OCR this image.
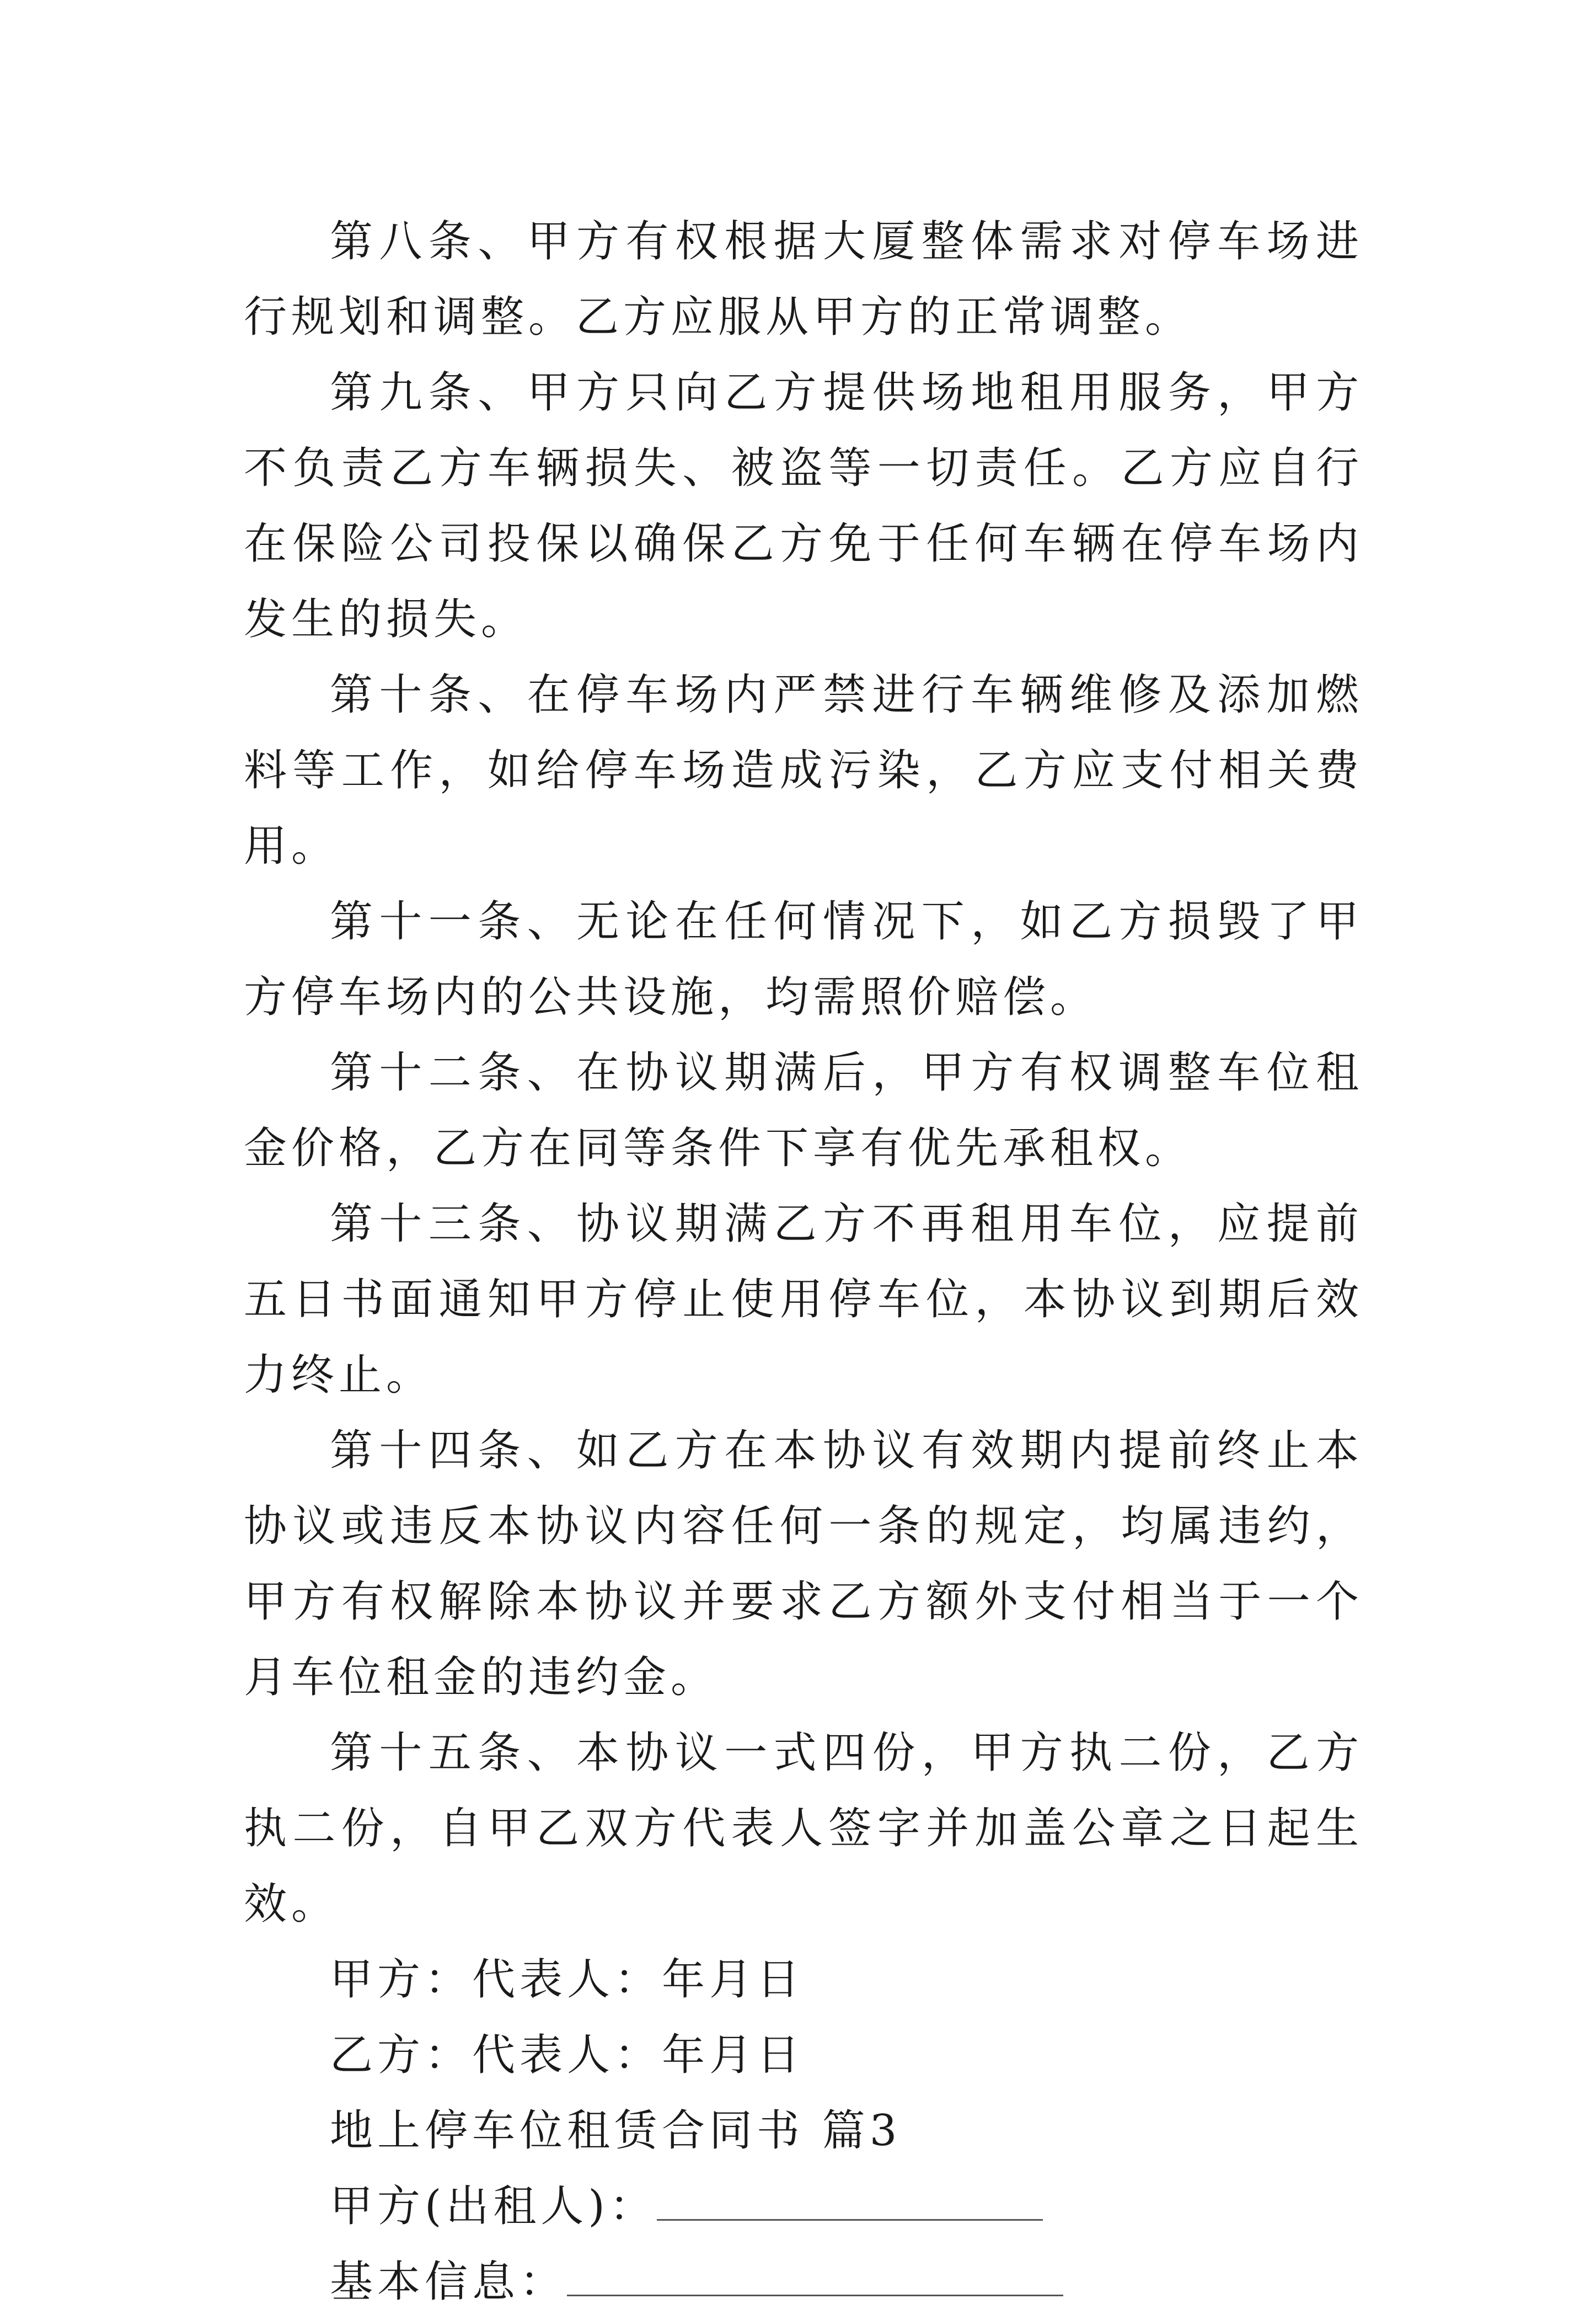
第八条、甲方有权根据大厦整体需求对停车场进行规划和调整。乙方应服从甲方的正常调整。

第九条、甲方只向乙方提供场地租用服务，甲方不负责乙方车辆损失、被盗等一切责任。乙方应自行在保险公司投保以确保乙方免于任何车辆在停车场内发生的损失。

第十条、在停车场内严禁进行车辆维修及添加燃料等工作，如给停车场造成污染，乙方应支付相关费用。

第十一条、无论在任何情况下，如乙方损毁了甲方停车场内的公共设施，均需照价赔偿。

第十二条、在协议期满后，甲方有权调整车位租金价格，乙方在同等条件下享有优先承租权。

第十三条、协议期满乙方不再租用车位，应提前五日书面通知甲方停止使用停车位，本协议到期后效力终止。

第十四条、如乙方在本协议有效期内提前终止本协议或违反本协议内容任何一条的规定，均属违约，甲方有权解除本协议并要求乙方额外支付相当于一个月车位租金的违约金。

第十五条、本协议一式四份，甲方执二份，乙方执二份，自甲乙双方代表人签字并加盖公章之日起生效。

甲方：代表人：年月日

乙方：代表人：年月日

地上停车位租赁合同书 篇3

甲方(出租人)：

基本信息：
